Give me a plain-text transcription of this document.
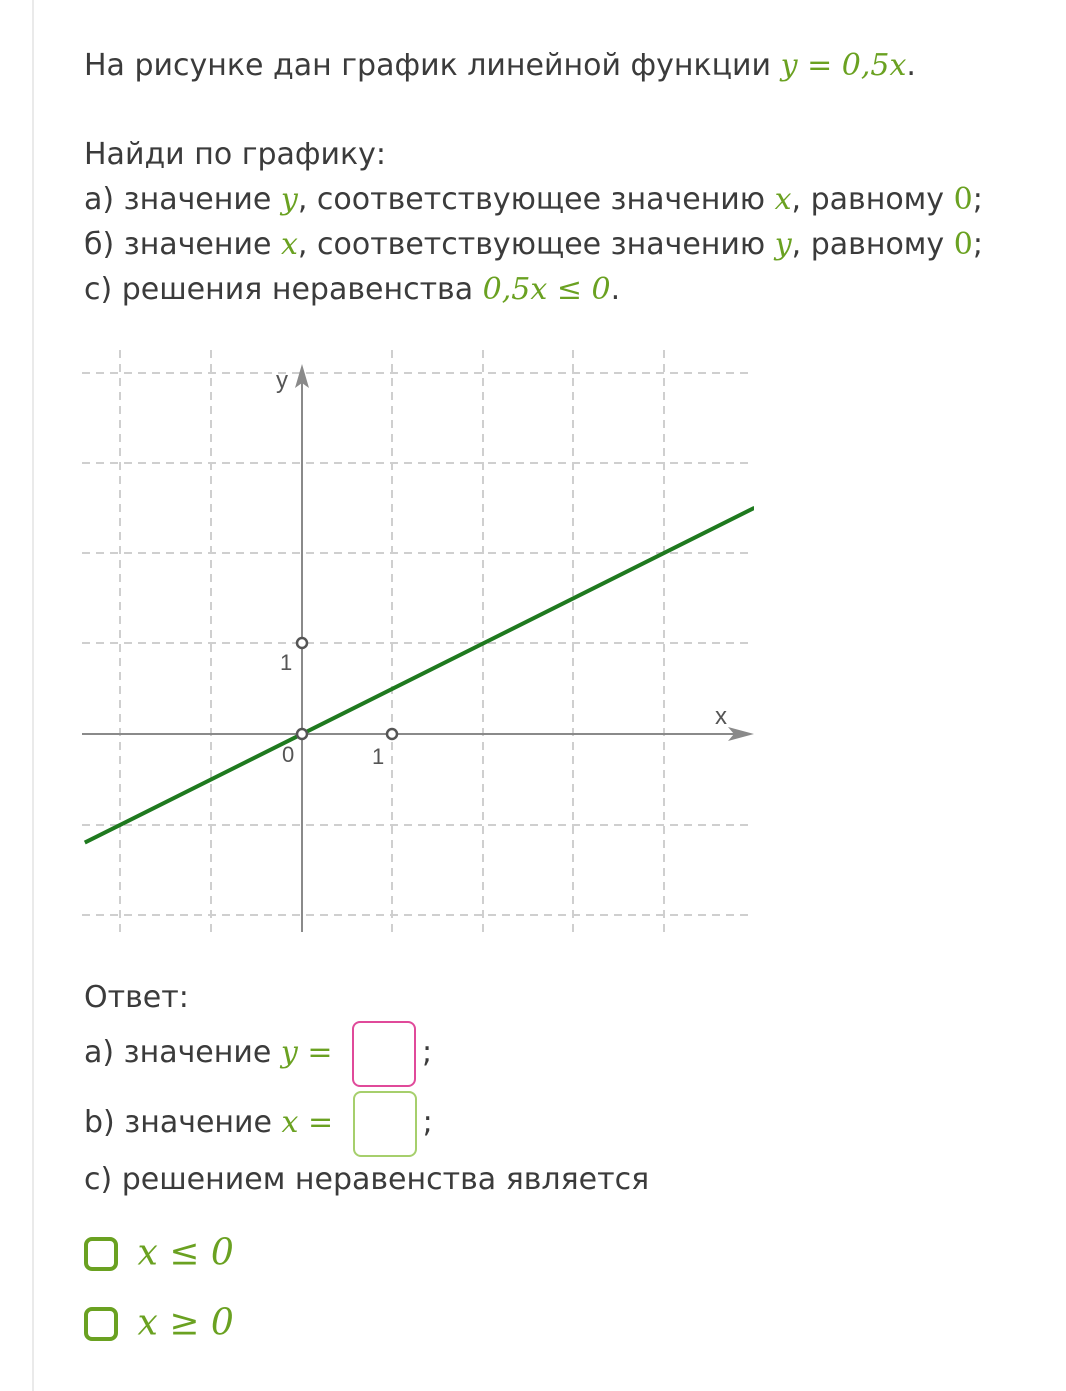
На рисунке дан график линейной функции y = 0,5x.
Найди по графику:
а) значение y, соответствующее значению x, равному 0;
б) значение x, соответствующее значению y, равному 0;
с) решения неравенства 0,5x ≤ 0.
y
x
0	1
1
Ответ:
а) значение y =	;
b) значение x =	;
с) решением неравенства является
x ≤ 0
x ≥ 0
